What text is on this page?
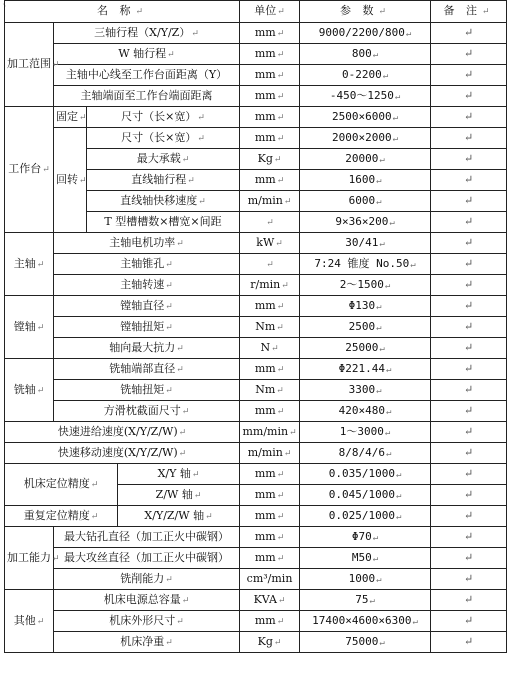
ヽ	名 称↵				单位↵	参 数↵	备 注↵
加工范围↵	三轴行程（X/Y/Z）↵			mm↵	9000/2200/800↵	↵
	W 轴行程↵			mm↵	800↵	↵
	主轴中心线至工作台面距离（Y）			mm↵	0-2200↵	↵
	主轴端面至工作台端面距离			mm↵	-450～1250↵	↵
工作台↵	固定↵	尺寸（长×宽）↵		mm↵	2500×6000↵	↵
	回转↵	尺寸（长×宽）↵		mm↵	2000×2000↵	↵
		最大承载↵		Kg↵	20000↵	↵
		直线轴行程↵		mm↵	1600↵	↵
		直线轴快移速度↵		m/min↵	6000↵	↵
		T 型槽槽数×槽宽×间距		↵	9×36×200↵	↵
主轴↵	主轴电机功率↵			kW↵	30/41↵	↵
	主轴锥孔↵			↵	7:24 锥度 No.50↵	↵
	主轴转速↵			r/min↵	2～1500↵	↵
镗轴↵	镗轴直径↵			mm↵	Φ130↵	↵
	镗轴扭矩↵			Nm↵	2500↵	↵
	轴向最大抗力↵			N↵	25000↵	↵
铣轴↵	铣轴端部直径↵			mm↵	Φ221.44↵	↵
	铣轴扭矩↵			Nm↵	3300↵	↵
	方滑枕截面尺寸↵			mm↵	420×480↵	↵
快速进给速度(X/Y/Z/W)↵				mm/min↵	1～3000↵	↵
快速移动速度(X/Y/Z/W)↵				m/min↵	8/8/4/6↵	↵
机床定位精度↵			X/Y 轴↵	mm↵	0.035/1000↵	↵
			Z/W 轴↵	mm↵	0.045/1000↵	↵
重复定位精度↵			X/Y/Z/W 轴↵	mm↵	0.025/1000↵	↵
加工能力↵	最大钻孔直径（加工正火中碳钢）			mm↵	Φ70↵	↵
	最大攻丝直径（加工正火中碳钢）			mm↵	M50↵	↵
	铣削能力↵			cm³/min	1000↵	↵
其他↵	机床电源总容量↵			KVA↵	75↵	↵
	机床外形尺寸↵			mm↵	17400×4600×6300↵	↵
	机床净重↵			Kg↵	75000↵	↵
